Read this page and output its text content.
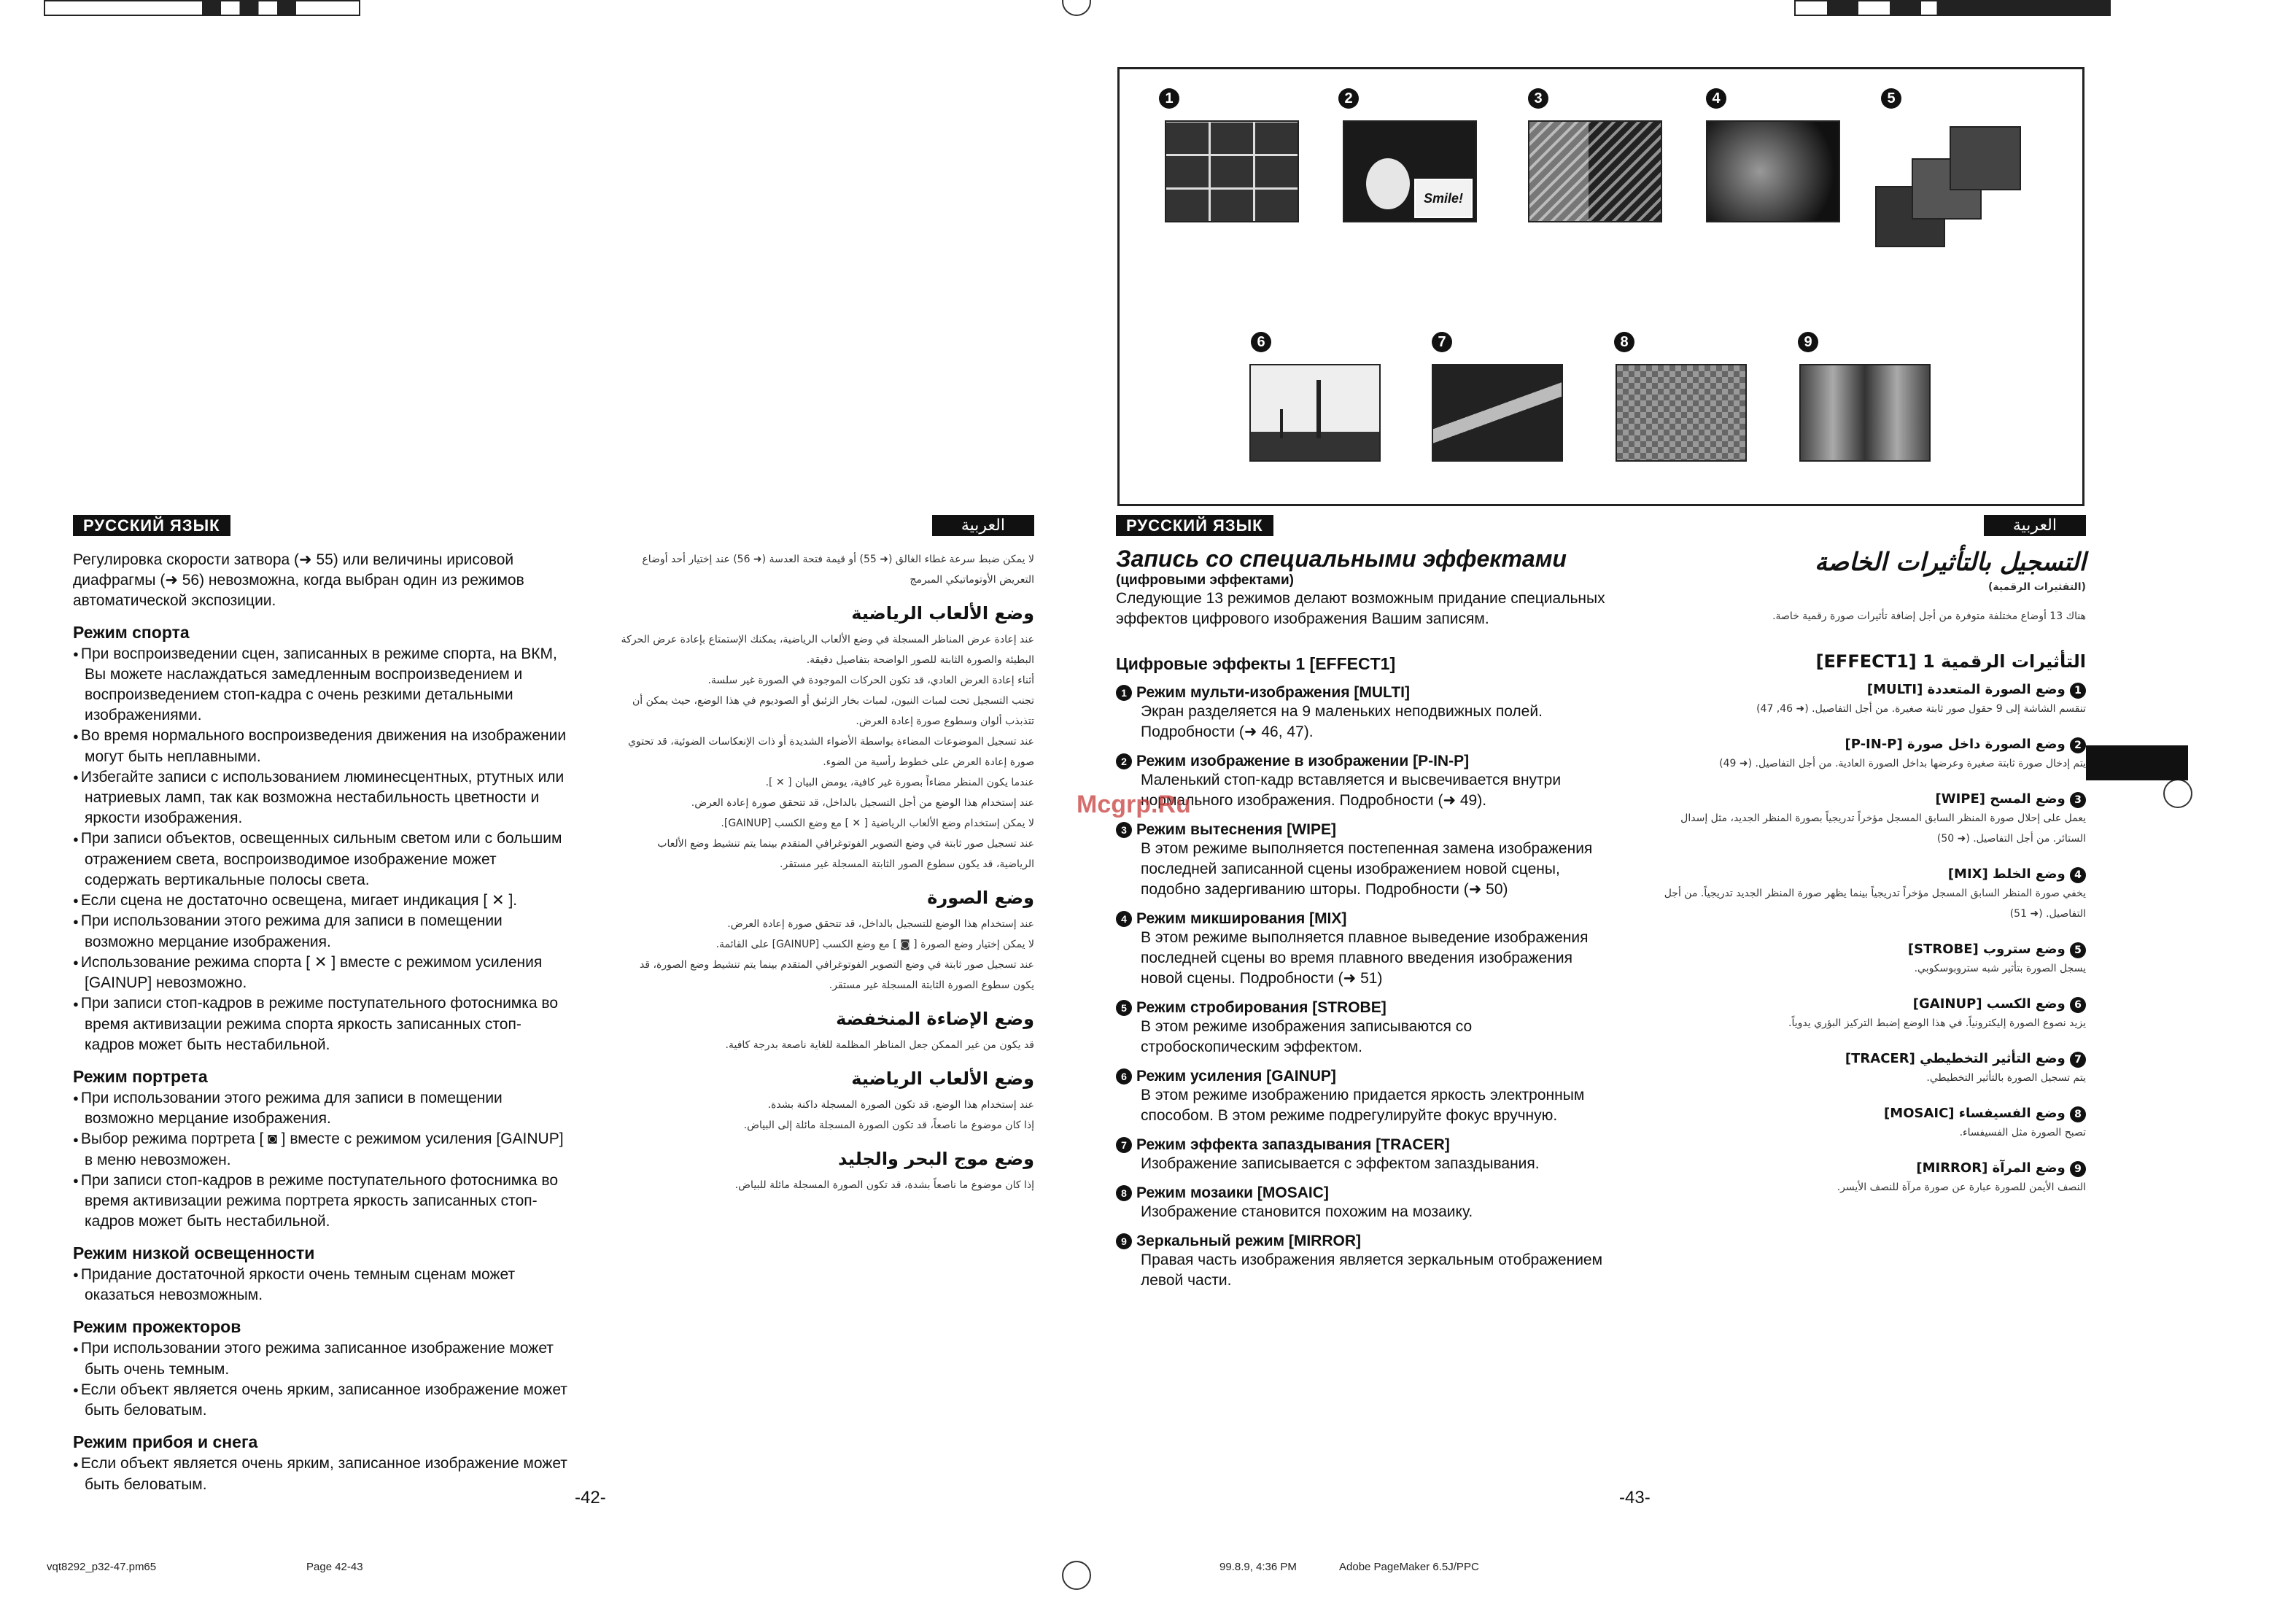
РУССКИЙ ЯЗЫК
Регулировка скорости затвора (➜ 55) или величины ирисовой диафрагмы (➜ 56) невозможна, когда выбран один из режимов автоматической экспозиции.
Режим спорта
● При воспроизведении сцен, записанных в режиме спорта, на ВКМ, Вы можете наслаждаться замедленным воспроизведением и воспроизведением стоп-кадра с очень резкими детальными изображениями.
● Во время нормального воспроизведения движения на изображении могут быть неплавными.
● Избегайте записи с использованием люминесцентных, ртутных или натриевых ламп, так как возможна нестабильность цветности и яркости изображения.
● При записи объектов, освещенных сильным светом или с большим отражением света, воспроизводимое изображение может содержать вертикальные полосы света.
● Если сцена не достаточно освещена, мигает индикация [ ✕ ].
● При использовании этого режима для записи в помещении возможно мерцание изображения.
● Использование режима спорта [ ✕ ] вместе с режимом усиления [GAINUP] невозможно.
● При записи стоп-кадров в режиме поступательного фотоснимка во время активизации режима спорта яркость записанных стоп-кадров может быть нестабильной.
Режим портрета
● При использовании этого режима для записи в помещении возможно мерцание изображения.
● Выбор режима портрета [ ◙ ] вместе с режимом усиления [GAINUP] в меню невозможен.
● При записи стоп-кадров в режиме поступательного фотоснимка во время активизации режима портрета яркость записанных стоп-кадров может быть нестабильной.
Режим низкой освещенности
● Придание достаточной яркости очень темным сценам может оказаться невозможным.
Режим прожекторов
● При использовании этого режима записанное изображение может быть очень темным.
● Если объект является очень ярким, записанное изображение может быть беловатым.
Режим прибоя и снега
● Если объект является очень ярким, записанное изображение может быть беловатым.
العربية
لا يمكن ضبط سرعة غطاء الغالق (➜ 55) أو قيمة فتحة العدسة (➜ 56) عند إختيار أحد أوضاع التعريض الأوتوماتيكي المبرمج
وضع الألعاب الرياضية
عند إعادة عرض المناظر المسجلة في وضع الألعاب الرياضية، يمكنك الإستمتاع بإعادة عرض الحركة البطيئة والصورة الثابتة للصور الواضحة بتفاصيل دقيقة.
أثناء إعادة العرض العادي، قد تكون الحركات الموجودة في الصورة غير سلسة.
تجنب التسجيل تحت لمبات النيون، لمبات بخار الزئبق أو الصوديوم في هذا الوضع، حيث يمكن أن تتذبذب ألوان وسطوع صورة إعادة العرض.
عند تسجيل الموضوعات المضاءة بواسطة الأضواء الشديدة أو ذات الإنعكاسات الضوئية، قد تحتوي صورة إعادة العرض على خطوط رأسية من الضوء.
عندما يكون المنظر مضاءاً بصورة غير كافية، يومض البيان [ ✕ ].
عند إستخدام هذا الوضع من أجل التسجيل بالداخل، قد تتحقق صورة إعادة العرض.
لا يمكن إستخدام وضع الألعاب الرياضية [ ✕ ] مع وضع الكسب [GAINUP].
عند تسجيل صور ثابتة في وضع التصوير الفوتوغرافي المتقدم بينما يتم تنشيط وضع الألعاب الرياضية، قد يكون سطوع الصور الثابتة المسجلة غير مستقر.
وضع الصورة
عند إستخدام هذا الوضع للتسجيل بالداخل، قد تتحقق صورة إعادة العرض.
لا يمكن إختيار وضع الصورة [ ◙ ] مع وضع الكسب [GAINUP] على القائمة.
عند تسجيل صور ثابتة في وضع التصوير الفوتوغرافي المتقدم بينما يتم تنشيط وضع الصورة، قد يكون سطوع الصورة الثابتة المسجلة غير مستقر.
وضع الإضاءة المنخفضة
قد يكون من غير الممكن جعل المناظر المظلمة للغاية ناصعة بدرجة كافية.
وضع الألعاب الرياضية
عند إستخدام هذا الوضع، قد تكون الصورة المسجلة داكنة بشدة.
إذا كان موضوع ما ناصعاً، قد تكون الصورة المسجلة مائلة إلى البياض.
وضع موج البحر والجليد
إذا كان موضوع ما ناصعاً بشدة، قد تكون الصورة المسجلة مائلة للبياض.
-42-
1	2
Smile!
3	4	5
6	7	8	9
РУССКИЙ ЯЗЫК
Запись со специальными эффектами
(цифровыми эффектами)
Следующие 13 режимов делают возможным придание специальных эффектов цифрового изображения Вашим записям.
Цифровые эффекты 1 [EFFECT1]
1 Режим мульти-изображения [MULTI]
Экран разделяется на 9 маленьких неподвижных полей. Подробности (➜ 46, 47).
2 Режим изображение в изображении [P-IN-P]
Маленький стоп-кадр вставляется и высвечивается внутри нормального изображения. Подробности (➜ 49).
3 Режим вытеснения [WIPE]
В этом режиме выполняется постепенная замена изображения последней записанной сцены изображением новой сцены, подобно задергиванию шторы. Подробности (➜ 50)
4 Режим микширования [MIX]
В этом режиме выполняется плавное выведение изображения последней сцены во время плавного введения изображения новой сцены. Подробности (➜ 51)
5 Режим стробирования [STROBE]
В этом режиме изображения записываются со стробоскопическим эффектом.
6 Режим усиления [GAINUP]
В этом режиме изображению придается яркость электронным способом. В этом режиме подрегулируйте фокус вручную.
7 Режим эффекта запаздывания [TRACER]
Изображение записывается с эффектом запаздывания.
8 Режим мозаики [MOSAIC]
Изображение становится похожим на мозаику.
9 Зеркальный режим [MIRROR]
Правая часть изображения является зеркальным отображением левой части.
Mcgrp.Ru
العربية
التسجيل بالتأثيرات الخاصة
(التقثيرات الرقمية)
هناك 13 أوضاع مختلفة متوفرة من أجل إضافة تأثيرات صورة رقمية خاصة.
التأثيرات الرقمية 1 [EFFECT1]
1 وضع الصورة المتعددة [MULTI]
تنقسم الشاشة إلى 9 حقول صور ثابتة صغيرة. من أجل التفاصيل. (➜ 46, 47)
2 وضع الصورة داخل صورة [P-IN-P]
يتم إدخال صورة ثابتة صغيرة وعرضها بداخل الصورة العادية. من أجل التفاصيل. (➜ 49)
3 وضع المسح [WIPE]
يعمل على إحلال صورة المنظر السابق المسجل مؤخراً تدريجياً بصورة المنظر الجديد، مثل إسدال الستائر. من أجل التفاصيل. (➜ 50)
4 وضع الخلط [MIX]
يخفي صورة المنظر السابق المسجل مؤخراً تدريجياً بينما يظهر صورة المنظر الجديد تدريجياً. من أجل التفاصيل. (➜ 51)
5 وضع ستروب [STROBE]
يسجل الصورة بتأثير شبه ستروبوسكوبي.
6 وضع الكسب [GAINUP]
يزيد نصوع الصورة إليكترونياً. في هذا الوضع إضبط التركيز البؤري يدوياً.
7 وضع التأثير التخطيطي [TRACER]
يتم تسجيل الصورة بالتأثير التخطيطي.
8 وضع الفسيفساء [MOSAIC]
تصبح الصورة مثل الفسيفساء.
9 وضع المرآة [MIRROR]
النصف الأيمن للصورة عبارة عن صورة مرآة للنصف الأيسر.
-43-
vqt8292_p32-47.pm65	Page 42-43	99.8.9, 4:36 PM	Adobe PageMaker 6.5J/PPC
